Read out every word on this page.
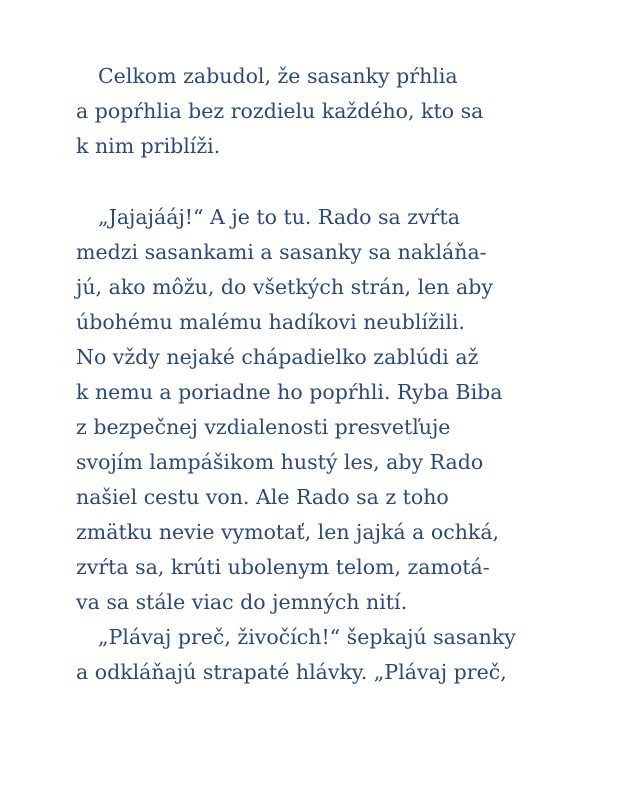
Celkom zabudol, že sasanky pŕhlia
a popŕhlia bez rozdielu každého, kto sa
k nim priblíži.
„Jajajááj!“ A je to tu. Rado sa zvŕta
medzi sasankami a sasanky sa nakláňa-
jú, ako môžu, do všetkých strán, len aby
úbohému malému hadíkovi neublížili.
No vždy nejaké chápadielko zablúdi až
k nemu a poriadne ho popŕhli. Ryba Biba
z bezpečnej vzdialenosti presvetľuje
svojím lampášikom hustý les, aby Rado
našiel cestu von. Ale Rado sa z toho
zmätku nevie vymotať, len jajká a ochká,
zvŕta sa, krúti ubolenym telom, zamotá-
va sa stále viac do jemných nití.
„Plávaj preč, živočích!“ šepkajú sasanky
a odkláňajú strapaté hlávky. „Plávaj preč,
